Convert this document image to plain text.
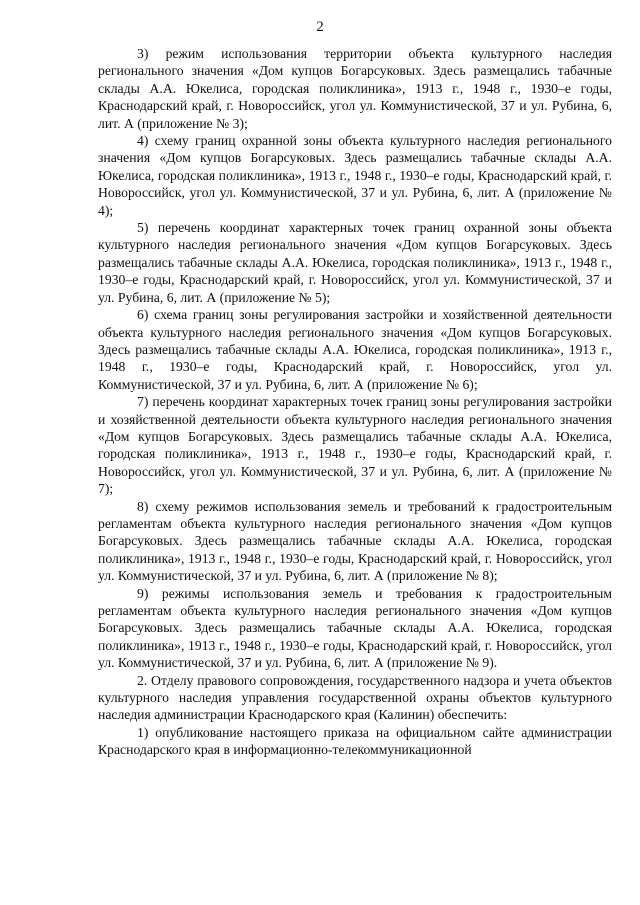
2

3) режим использования территории объекта культурного наследия регионального значения «Дом купцов Богарсуковых. Здесь размещались табачные склады А.А. Юкелиса, городская поликлиника», 1913 г., 1948 г., 1930–е годы, Краснодарский край, г. Новороссийск, угол ул. Коммунистической, 37 и ул. Рубина, 6, лит. А (приложение № 3);

4) схему границ охранной зоны объекта культурного наследия регионального значения «Дом купцов Богарсуковых. Здесь размещались табачные склады А.А. Юкелиса, городская поликлиника», 1913 г., 1948 г., 1930–е годы, Краснодарский край, г. Новороссийск, угол ул. Коммунистической, 37 и ул. Рубина, 6, лит. А (приложение № 4);

5) перечень координат характерных точек границ охранной зоны объекта культурного наследия регионального значения «Дом купцов Богарсуковых. Здесь размещались табачные склады А.А. Юкелиса, городская поликлиника», 1913 г., 1948 г., 1930–е годы, Краснодарский край, г. Новороссийск, угол ул. Коммунистической, 37 и ул. Рубина, 6, лит. А (приложение № 5);

6) схема границ зоны регулирования застройки и хозяйственной деятельности объекта культурного наследия регионального значения «Дом купцов Богарсуковых. Здесь размещались табачные склады А.А. Юкелиса, городская поликлиника», 1913 г., 1948 г., 1930–е годы, Краснодарский край, г. Новороссийск, угол ул. Коммунистической, 37 и ул. Рубина, 6, лит. А (приложение № 6);

7) перечень координат характерных точек границ зоны регулирования застройки и хозяйственной деятельности объекта культурного наследия регионального значения «Дом купцов Богарсуковых. Здесь размещались табачные склады А.А. Юкелиса, городская поликлиника», 1913 г., 1948 г., 1930–е годы, Краснодарский край, г. Новороссийск, угол ул. Коммунистической, 37 и ул. Рубина, 6, лит. А (приложение № 7);

8) схему режимов использования земель и требований к градостроительным регламентам объекта культурного наследия регионального значения «Дом купцов Богарсуковых. Здесь размещались табачные склады А.А. Юкелиса, городская поликлиника», 1913 г., 1948 г., 1930–е годы, Краснодарский край, г. Новороссийск, угол ул. Коммунистической, 37 и ул. Рубина, 6, лит. А (приложение № 8);

9) режимы использования земель и требования к градостроительным регламентам объекта культурного наследия регионального значения «Дом купцов Богарсуковых. Здесь размещались табачные склады А.А. Юкелиса, городская поликлиника», 1913 г., 1948 г., 1930–е годы, Краснодарский край, г. Новороссийск, угол ул. Коммунистической, 37 и ул. Рубина, 6, лит. А (приложение № 9).

2. Отделу правового сопровождения, государственного надзора и учета объектов культурного наследия управления государственной охраны объектов культурного наследия администрации Краснодарского края (Калинин) обеспечить:

1) опубликование настоящего приказа на официальном сайте администрации Краснодарского края в информационно-телекоммуникационной
